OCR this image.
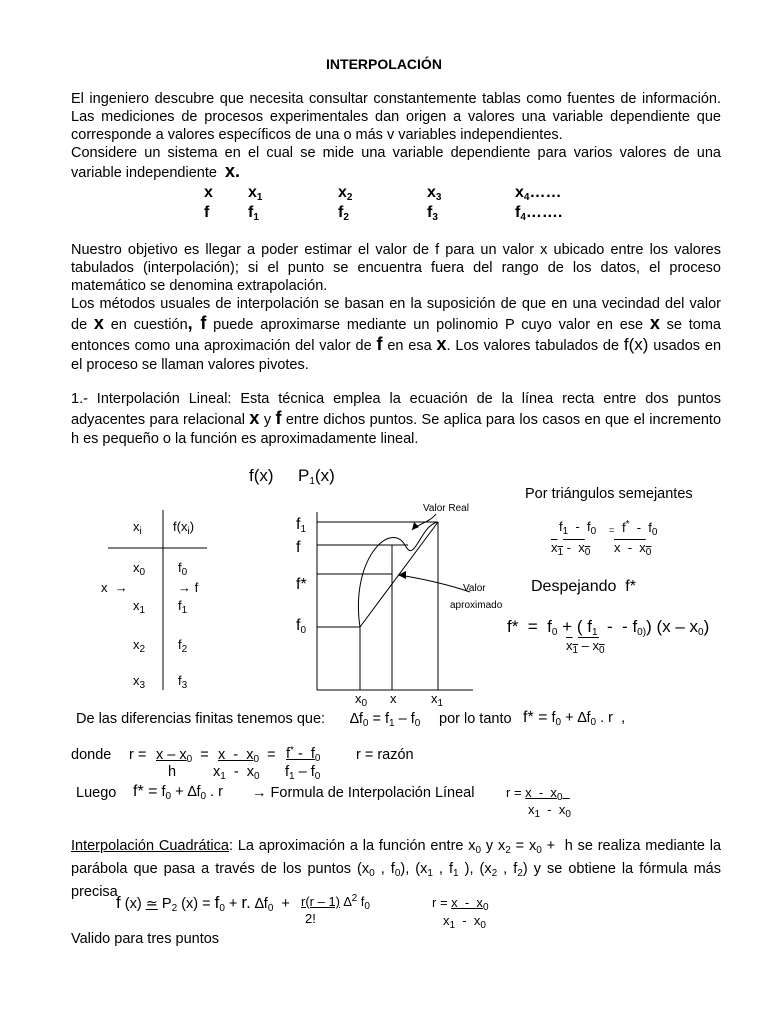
INTERPOLACIÓN

El ingeniero descubre que necesita consultar constantemente tablas como fuentes de información. Las mediciones de procesos experimentales dan origen a valores una variable dependiente que corresponde a valores específicos de una o más v variables independientes.

Considere un sistema en el cual se mide una variable dependiente para varios valores de una variable independiente x.

x $x_1$	$x_2$	$x_3$	$x_4\dots\dots$
f $f_1$	$f_2$	$f_3$	$f_4\dots\dots$.

Nuestro objetivo es llegar a poder estimar el valor de f para un valor x ubicado entre los valores tabulados (interpolación); si el punto se encuentra fuera del rango de los datos, el proceso matemático se denomina extrapolación.

Los métodos usuales de interpolación se basan en la suposición de que en una vecindad del valor de x en cuestión, f puede aproximarse mediante un polinomio P cuyo valor en ese x se toma entonces como una aproximación del valor de f en esa x. Los valores tabulados de f(x) usados en el proceso se llaman valores pivotes.

1.- Interpolación Lineal: Esta técnica emplea la ecuación de la línea recta entre dos puntos adyacentes para relacional x y f entre dichos puntos. Se aplica para los casos en que el incremento h es pequeño o la función es aproximadamente lineal.

f(x) $P_1(x)$
$x_i$ $f(x_i)$
$x_0$	$f_0$
x  →	→ f
$x_1$	$f_1$
$x_2$	$f_2$
$x_3$	$f_3$
$f_1$
f
f*
$f_0$
$x_0$ x	$x_1$
Valor Real
Valor
aproximado
Por triángulos semejantes
$f_1 - f_0$
$x_1 - x_0$
= $f^* - f_0$
x  -  $x_0$
Despejando  f*
$f* = f_0$ + ( $f_1$  -  - $f_{0)}$) $(x - x_0)$
$x_1 - x_0$
De las diferencias finitas tenemos que: $\Delta f_0 = f_1 - f_0$ por lo tanto $f* = f_0 + \Delta f_0$ . r  ,
donde $r = x - x_0$  =
h
x  -  $x_0$  =
$x_1 - x_0$
$f^* - f_0$
$f_1 - f_0$
r = razón
Luego $f* = f_0 + \Delta f_0$ . r → Formula de Interpolación Líneal $r = x - x_0$
$x_1 - x_0$

Interpolación Cuadrática: La aproximación a la función entre $x_0$ y $x_2 = x_0 + h$ se realiza mediante la parábola que pasa a través de los puntos ($x_0$ , $f_0$), ($x_1$ , $f_1$ ), ($x_2$ , $f_2$) y se obtiene la fórmula más precisa

f (x) ≃ $P_2$ $(x) = f_0 + r$. $\Delta f_0 + r(r - 1)$ ∆$^2$ $f_0$
2!
$r = x - x_0$
$x_1 - x_0$
Valido para tres puntos
